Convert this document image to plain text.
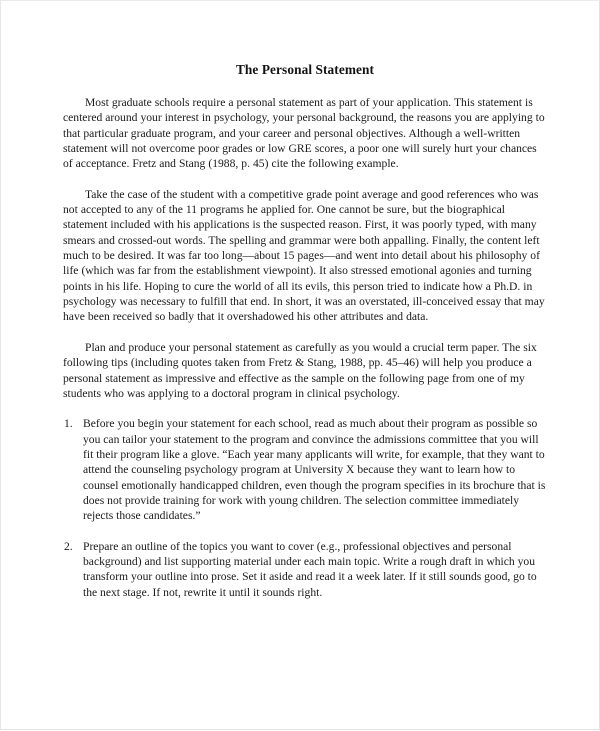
The Personal Statement

Most graduate schools require a personal statement as part of your application. This statement is centered around your interest in psychology, your personal background, the reasons you are applying to that particular graduate program, and your career and personal objectives. Although a well-written statement will not overcome poor grades or low GRE scores, a poor one will surely hurt your chances of acceptance. Fretz and Stang (1988, p. 45) cite the following example.

Take the case of the student with a competitive grade point average and good references who was not accepted to any of the 11 programs he applied for. One cannot be sure, but the biographical statement included with his applications is the suspected reason. First, it was poorly typed, with many smears and crossed-out words. The spelling and grammar were both appalling. Finally, the content left much to be desired. It was far too long—about 15 pages—and went into detail about his philosophy of life (which was far from the establishment viewpoint). It also stressed emotional agonies and turning points in his life. Hoping to cure the world of all its evils, this person tried to indicate how a Ph.D. in psychology was necessary to fulfill that end. In short, it was an overstated, ill-conceived essay that may have been received so badly that it overshadowed his other attributes and data.

Plan and produce your personal statement as carefully as you would a crucial term paper. The six following tips (including quotes taken from Fretz & Stang, 1988, pp. 45–46) will help you produce a personal statement as impressive and effective as the sample on the following page from one of my students who was applying to a doctoral program in clinical psychology.

1. Before you begin your statement for each school, read as much about their program as possible so you can tailor your statement to the program and convince the admissions committee that you will fit their program like a glove. “Each year many applicants will write, for example, that they want to attend the counseling psychology program at University X because they want to learn how to counsel emotionally handicapped children, even though the program specifies in its brochure that is does not provide training for work with young children. The selection committee immediately rejects those candidates.”
2. Prepare an outline of the topics you want to cover (e.g., professional objectives and personal background) and list supporting material under each main topic. Write a rough draft in which you transform your outline into prose. Set it aside and read it a week later. If it still sounds good, go to the next stage. If not, rewrite it until it sounds right.
